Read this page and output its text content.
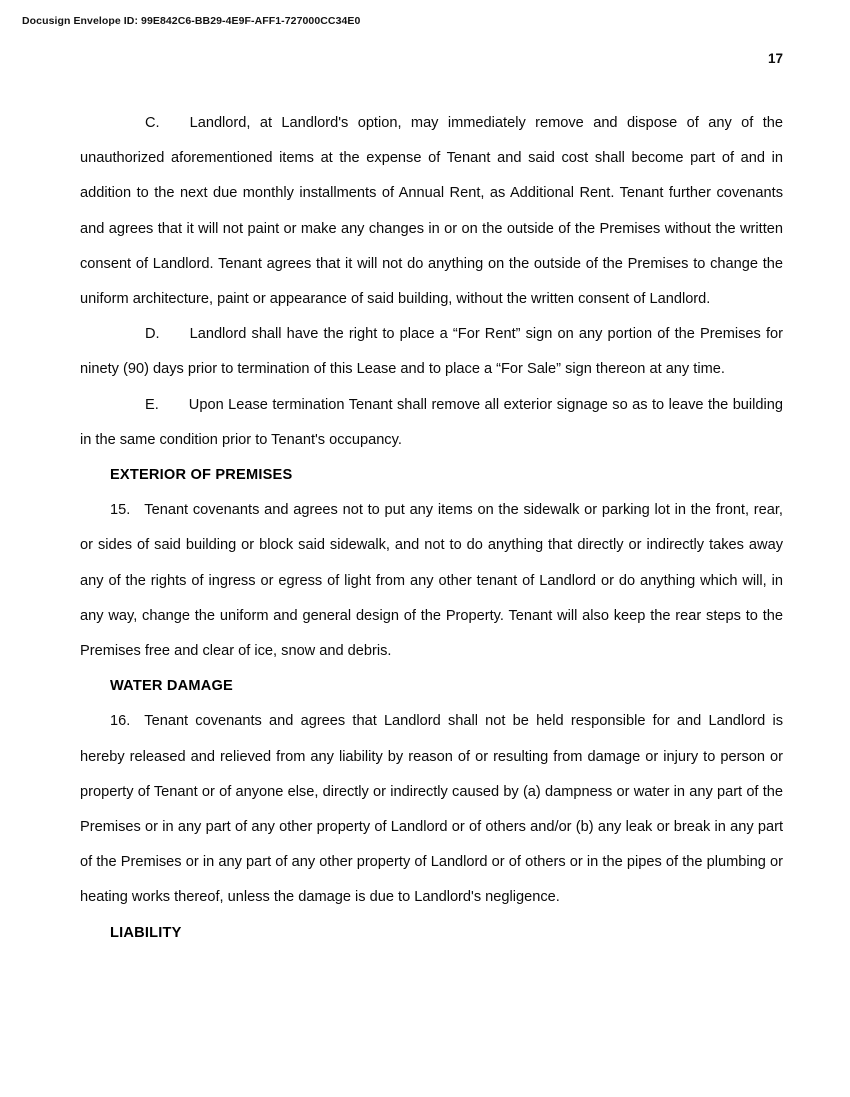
Docusign Envelope ID: 99E842C6-BB29-4E9F-AFF1-727000CC34E0
17

C. Landlord, at Landlord's option, may immediately remove and dispose of any of the unauthorized aforementioned items at the expense of Tenant and said cost shall become part of and in addition to the next due monthly installments of Annual Rent, as Additional Rent. Tenant further covenants and agrees that it will not paint or make any changes in or on the outside of the Premises without the written consent of Landlord. Tenant agrees that it will not do anything on the outside of the Premises to change the uniform architecture, paint or appearance of said building, without the written consent of Landlord.

D. Landlord shall have the right to place a “For Rent” sign on any portion of the Premises for ninety (90) days prior to termination of this Lease and to place a “For Sale” sign thereon at any time.

E. Upon Lease termination Tenant shall remove all exterior signage so as to leave the building in the same condition prior to Tenant's occupancy.

EXTERIOR OF PREMISES

15. Tenant covenants and agrees not to put any items on the sidewalk or parking lot in the front, rear, or sides of said building or block said sidewalk, and not to do anything that directly or indirectly takes away any of the rights of ingress or egress of light from any other tenant of Landlord or do anything which will, in any way, change the uniform and general design of the Property. Tenant will also keep the rear steps to the Premises free and clear of ice, snow and debris.

WATER DAMAGE

16. Tenant covenants and agrees that Landlord shall not be held responsible for and Landlord is hereby released and relieved from any liability by reason of or resulting from damage or injury to person or property of Tenant or of anyone else, directly or indirectly caused by (a) dampness or water in any part of the Premises or in any part of any other property of Landlord or of others and/or (b) any leak or break in any part of the Premises or in any part of any other property of Landlord or of others or in the pipes of the plumbing or heating works thereof, unless the damage is due to Landlord's negligence.

LIABILITY
